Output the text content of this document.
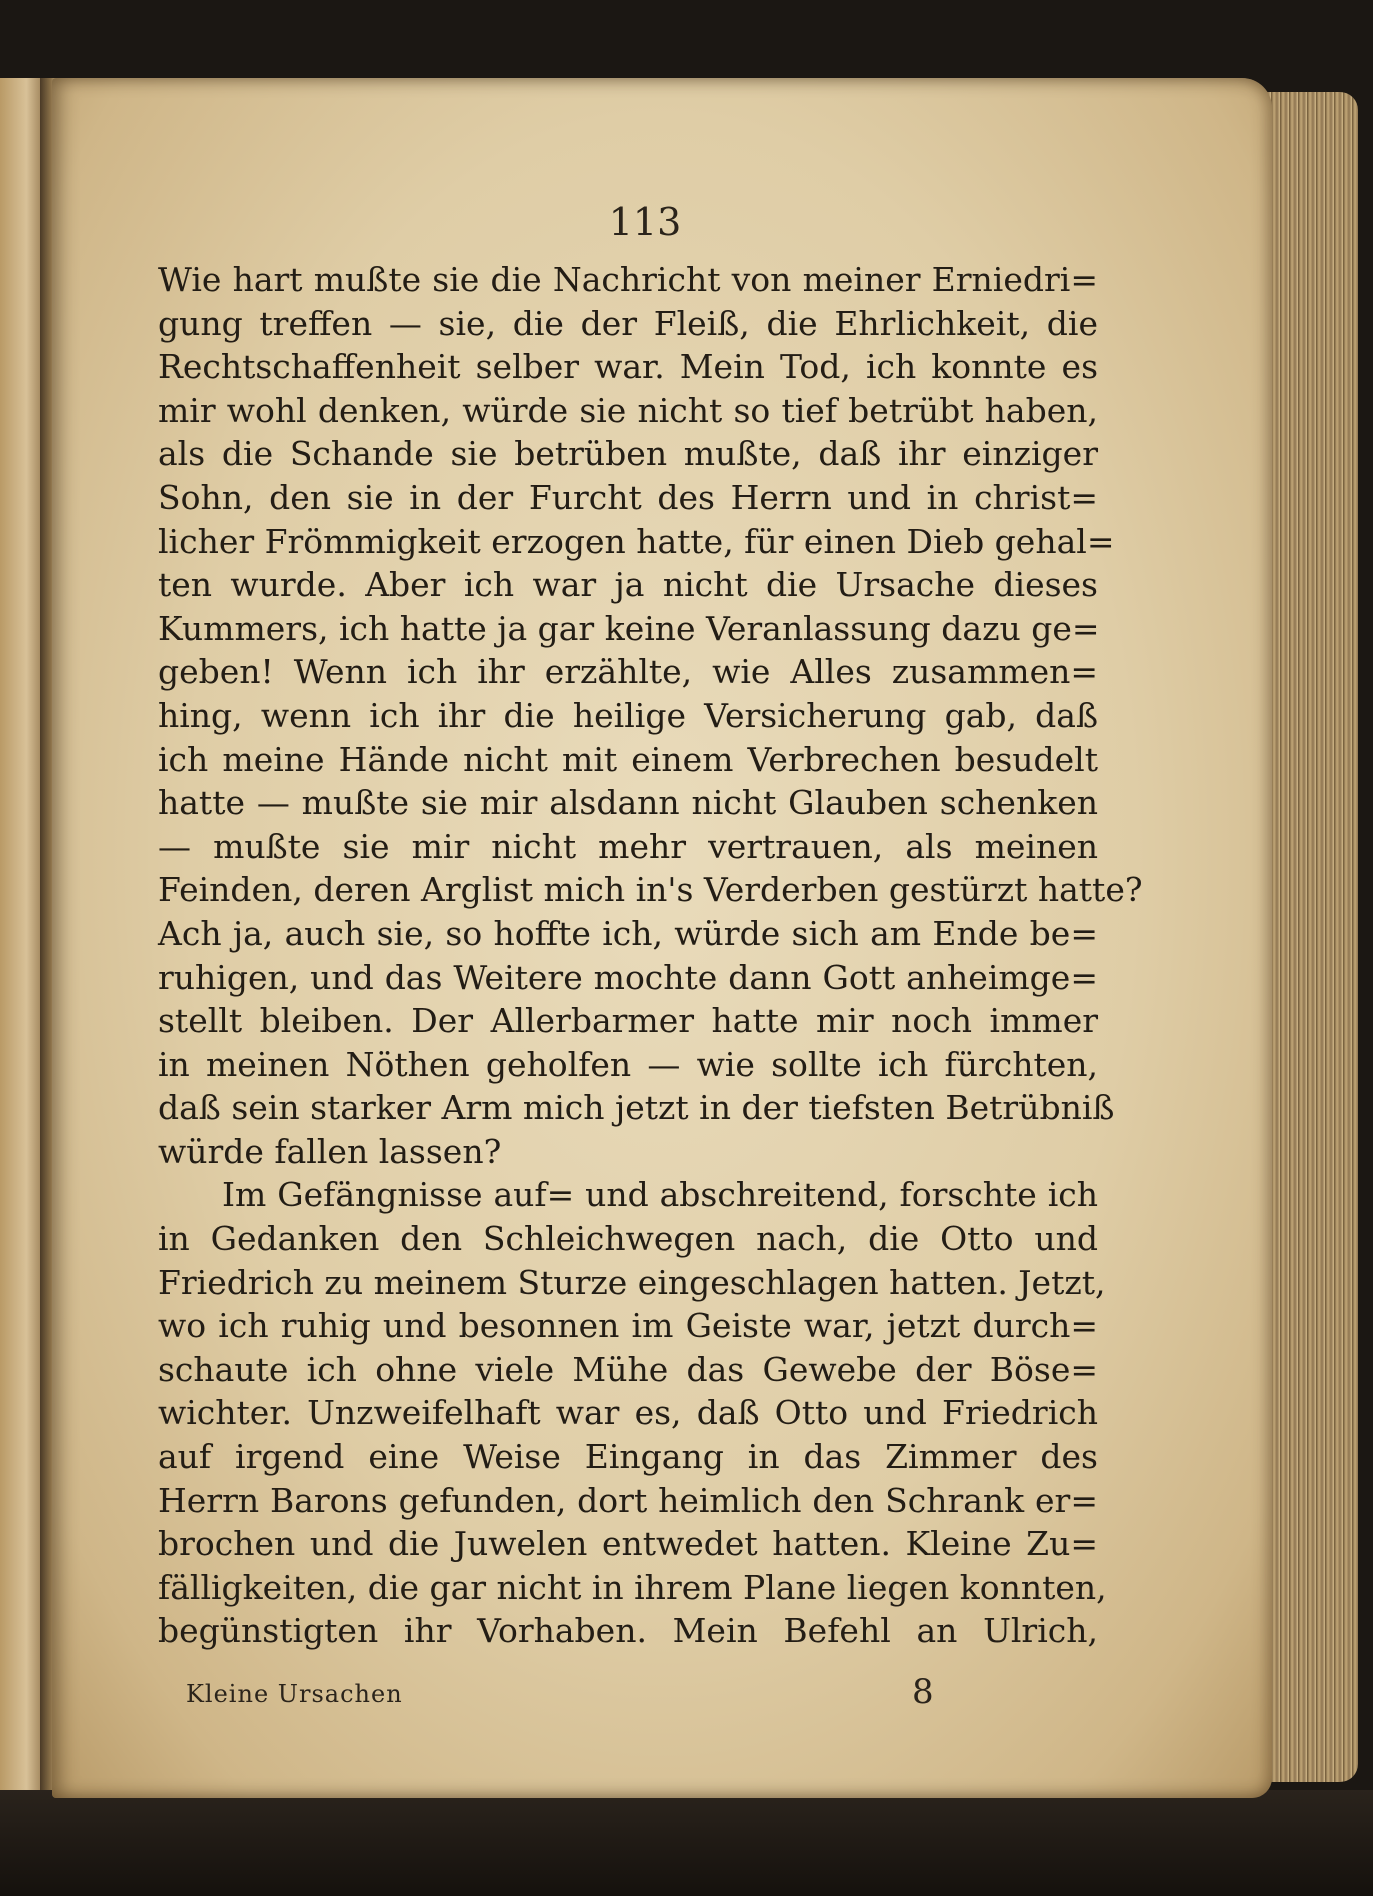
113
Wie hart mußte sie die Nachricht von meiner Erniedri=
gung treffen — sie, die der Fleiß, die Ehrlichkeit, die
Rechtschaffenheit selber war. Mein Tod, ich konnte es
mir wohl denken, würde sie nicht so tief betrübt haben,
als die Schande sie betrüben mußte, daß ihr einziger
Sohn, den sie in der Furcht des Herrn und in christ=
licher Frömmigkeit erzogen hatte, für einen Dieb gehal=
ten wurde. Aber ich war ja nicht die Ursache dieses
Kummers, ich hatte ja gar keine Veranlassung dazu ge=
geben! Wenn ich ihr erzählte, wie Alles zusammen=
hing, wenn ich ihr die heilige Versicherung gab, daß
ich meine Hände nicht mit einem Verbrechen besudelt
hatte — mußte sie mir alsdann nicht Glauben schenken
— mußte sie mir nicht mehr vertrauen, als meinen
Feinden, deren Arglist mich in's Verderben gestürzt hatte?
Ach ja, auch sie, so hoffte ich, würde sich am Ende be=
ruhigen, und das Weitere mochte dann Gott anheimge=
stellt bleiben. Der Allerbarmer hatte mir noch immer
in meinen Nöthen geholfen — wie sollte ich fürchten,
daß sein starker Arm mich jetzt in der tiefsten Betrübniß
würde fallen lassen?
Im Gefängnisse auf= und abschreitend, forschte ich
in Gedanken den Schleichwegen nach, die Otto und
Friedrich zu meinem Sturze eingeschlagen hatten. Jetzt,
wo ich ruhig und besonnen im Geiste war, jetzt durch=
schaute ich ohne viele Mühe das Gewebe der Böse=
wichter. Unzweifelhaft war es, daß Otto und Friedrich
auf irgend eine Weise Eingang in das Zimmer des
Herrn Barons gefunden, dort heimlich den Schrank er=
brochen und die Juwelen entwedet hatten. Kleine Zu=
fälligkeiten, die gar nicht in ihrem Plane liegen konnten,
begünstigten ihr Vorhaben. Mein Befehl an Ulrich,
Kleine Ursachen	8
